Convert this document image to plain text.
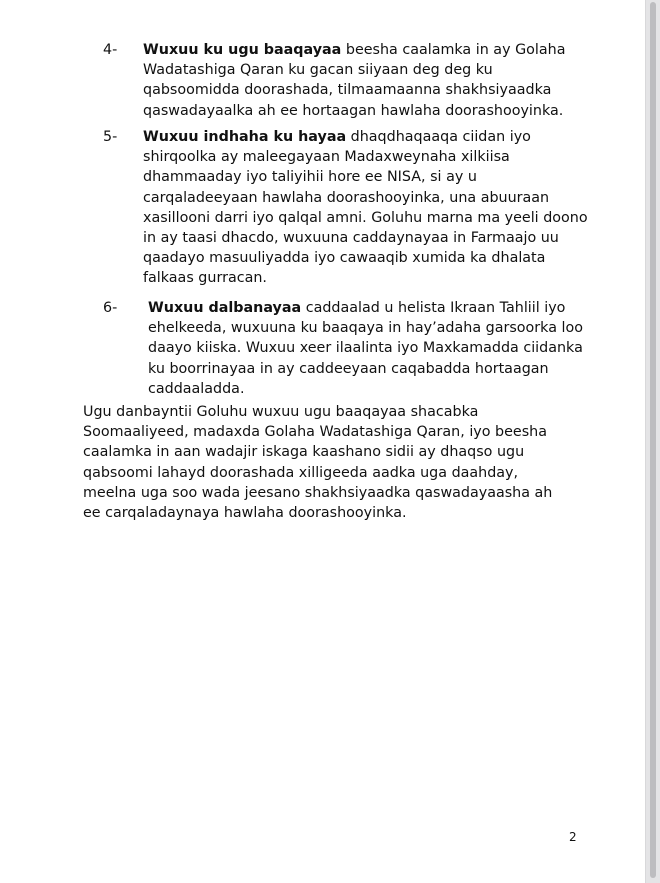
4- Wuxuu ku ugu baaqayaa beesha caalamka in ay Golaha Wadatashiga Qaran ku gacan siiyaan deg deg ku qabsoomidda doorashada, tilmaamaanna shakhsiyaadka qaswadayaalka ah ee hortaagan hawlaha doorashooyinka.
5- Wuxuu indhaha ku hayaa dhaqdhaqaaqa ciidan iyo shirqoolka ay maleegayaan Madaxweynaha xilkiisa dhammaaday iyo taliyihii hore ee NISA, si ay u carqaladeeyaan hawlaha doorashooyinka, una abuuraan xasillooni darri iyo qalqal amni. Goluhu marna ma yeeli doono in ay taasi dhacdo, wuxuuna caddaynayaa in Farmaajo uu qaadayo masuuliyadda iyo cawaaqib xumida ka dhalata falkaas gurracan.
6- Wuxuu dalbanayaa caddaalad u helista Ikraan Tahliil iyo ehelkeeda, wuxuuna ku baaqaya in hay’adaha garsoorka loo daayo kiiska. Wuxuu xeer ilaalinta iyo Maxkamadda ciidanka ku boorrinayaa in ay caddeeyaan caqabadda hortaagan caddaaladda.
Ugu danbayntii Goluhu wuxuu ugu baaqayaa shacabka Soomaaliyeed, madaxda Golaha Wadatashiga Qaran, iyo beesha caalamka in aan wadajir iskaga kaashano sidii ay dhaqso ugu qabsoomi lahayd doorashada xilligeeda aadka uga daahday, meelna uga soo wada jeesano shakhsiyaadka qaswadayaasha ah ee carqaladaynaya hawlaha doorashooyinka.
2
